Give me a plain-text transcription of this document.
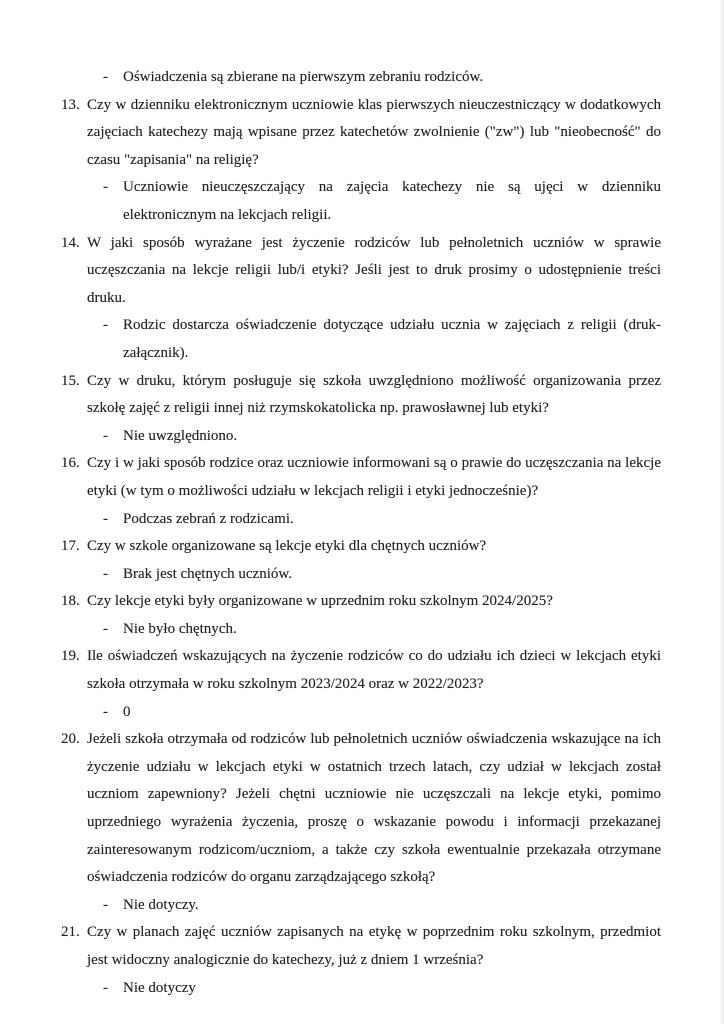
-	Oświadczenia są zbierane na pierwszym zebraniu rodziców.
13. Czy w dzienniku elektronicznym uczniowie klas pierwszych nieuczestniczący w dodatkowych zajęciach katechezy mają wpisane przez katechetów zwolnienie ("zw") lub "nieobecność" do czasu "zapisania" na religię?
-	Uczniowie nieuczęszczający na zajęcia katechezy nie są ujęci w dzienniku elektronicznym na lekcjach religii.
14. W jaki sposób wyrażane jest życzenie rodziców lub pełnoletnich uczniów w sprawie uczęszczania na lekcje religii lub/i etyki? Jeśli jest to druk prosimy o udostępnienie treści druku.
-	Rodzic dostarcza oświadczenie dotyczące udziału ucznia w zajęciach z religii (druk-załącznik).
15. Czy w druku, którym posługuje się szkoła uwzględniono możliwość organizowania przez szkołę zajęć z religii innej niż rzymskokatolicka np. prawosławnej lub etyki?
-	Nie uwzględniono.
16. Czy i w jaki sposób rodzice oraz uczniowie informowani są o prawie do uczęszczania na lekcje etyki (w tym o możliwości udziału w lekcjach religii i etyki jednocześnie)?
-	Podczas zebrań z rodzicami.
17. Czy w szkole organizowane są lekcje etyki dla chętnych uczniów?
-	Brak jest chętnych uczniów.
18. Czy lekcje etyki były organizowane w uprzednim roku szkolnym 2024/2025?
-	Nie było chętnych.
19. Ile oświadczeń wskazujących na życzenie rodziców co do udziału ich dzieci w lekcjach etyki szkoła otrzymała w roku szkolnym 2023/2024 oraz w 2022/2023?
-	0
20. Jeżeli szkoła otrzymała od rodziców lub pełnoletnich uczniów oświadczenia wskazujące na ich życzenie udziału w lekcjach etyki w ostatnich trzech latach, czy udział w lekcjach został uczniom zapewniony? Jeżeli chętni uczniowie nie uczęszczali na lekcje etyki, pomimo uprzedniego wyrażenia życzenia, proszę o wskazanie powodu i informacji przekazanej zainteresowanym rodzicom/uczniom, a także czy szkoła ewentualnie przekazała otrzymane oświadczenia rodziców do organu zarządzającego szkołą?
-	Nie dotyczy.
21. Czy w planach zajęć uczniów zapisanych na etykę w poprzednim roku szkolnym, przedmiot jest widoczny analogicznie do katechezy, już z dniem 1 września?
-	Nie dotyczy
